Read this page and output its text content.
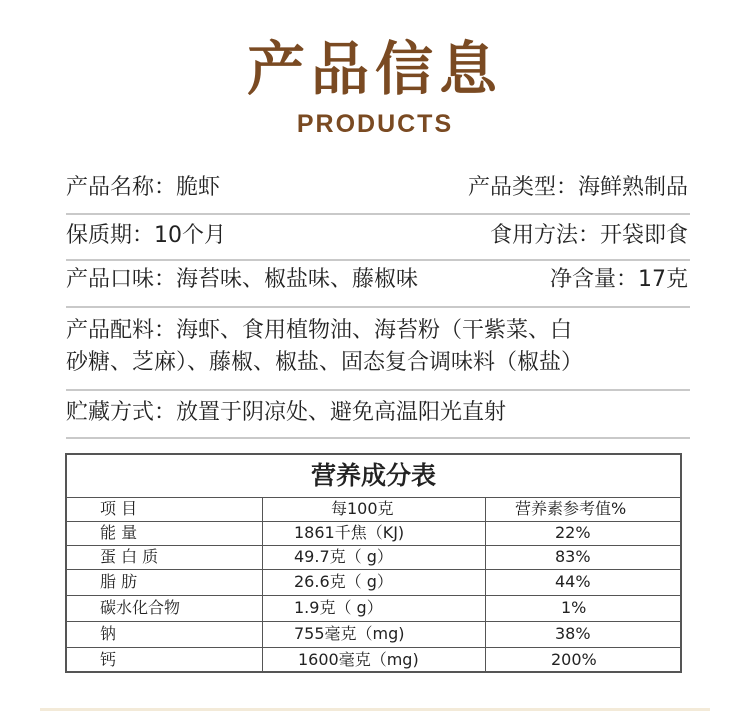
产品信息
PRODUCTS
产品名称：脆虾	产品类型：海鲜熟制品
保质期：10个月	食用方法：开袋即食
产品口味：海苔味、椒盐味、藤椒味	净含量：17克
产品配料：海虾、食用植物油、海苔粉（干紫菜、白
砂糖、芝麻）、藤椒、椒盐、固态复合调味料（椒盐）
贮藏方式：放置于阴凉处、避免高温阳光直射
营养成分表
项 目	每100克	营养素参考值%
能 量	1861千焦（KJ)	22%
蛋 白 质	49.7克（ g）	83%
脂 肪	26.6克（ g）	44%
碳水化合物	1.9克（ g）	1%
钠	755毫克（mg)	38%
钙	1600毫克（mg)	200%
